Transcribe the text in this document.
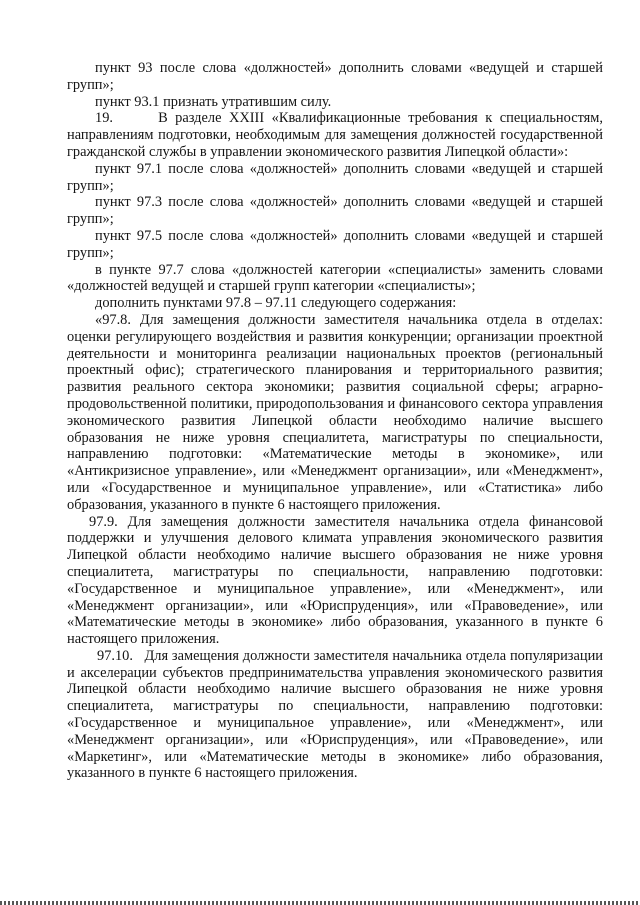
пункт 93 после слова «должностей» дополнить словами «ведущей и старшей групп»;

пункт 93.1 признать утратившим силу.

19.      В разделе XXIII «Квалификационные требования к специальностям, направлениям подготовки, необходимым для замещения должностей государственной гражданской службы в управлении экономического развития Липецкой области»:

пункт 97.1 после слова «должностей» дополнить словами «ведущей и старшей групп»;

пункт 97.3 после слова «должностей» дополнить словами «ведущей и старшей групп»;

пункт 97.5 после слова «должностей» дополнить словами «ведущей и старшей групп»;

в пункте 97.7 слова «должностей категории «специалисты» заменить словами «должностей ведущей и старшей групп категории «специалисты»;

дополнить пунктами 97.8 – 97.11 следующего содержания:

«97.8. Для замещения должности заместителя начальника отдела в отделах: оценки регулирующего воздействия и развития конкуренции; организации проектной деятельности и мониторинга реализации национальных проектов (региональный проектный офис); стратегического планирования и территориального развития; развития реального сектора экономики; развития социальной сферы; аграрно-продовольственной политики, природопользования и финансового сектора управления экономического развития Липецкой области необходимо наличие высшего образования не ниже уровня специалитета, магистратуры по специальности, направлению подготовки: «Математические методы в экономике», или «Антикризисное управление», или «Менеджмент организации», или «Менеджмент», или «Государственное и муниципальное управление», или «Статистика» либо образования, указанного в пункте 6 настоящего приложения.

97.9. Для замещения должности заместителя начальника отдела финансовой поддержки и улучшения делового климата управления экономического развития Липецкой области необходимо наличие высшего образования не ниже уровня специалитета, магистратуры по специальности, направлению подготовки: «Государственное и муниципальное управление», или «Менеджмент», или «Менеджмент организации», или «Юриспруденция», или «Правоведение», или «Математические методы в экономике» либо образования, указанного в пункте 6 настоящего приложения.

97.10.   Для замещения должности заместителя начальника отдела популяризации и акселерации субъектов предпринимательства управления экономического развития Липецкой области необходимо наличие высшего образования не ниже уровня специалитета, магистратуры по специальности, направлению подготовки: «Государственное и муниципальное управление», или «Менеджмент», или «Менеджмент организации», или «Юриспруденция», или «Правоведение», или «Маркетинг», или «Математические методы в экономике» либо образования, указанного в пункте 6 настоящего приложения.
